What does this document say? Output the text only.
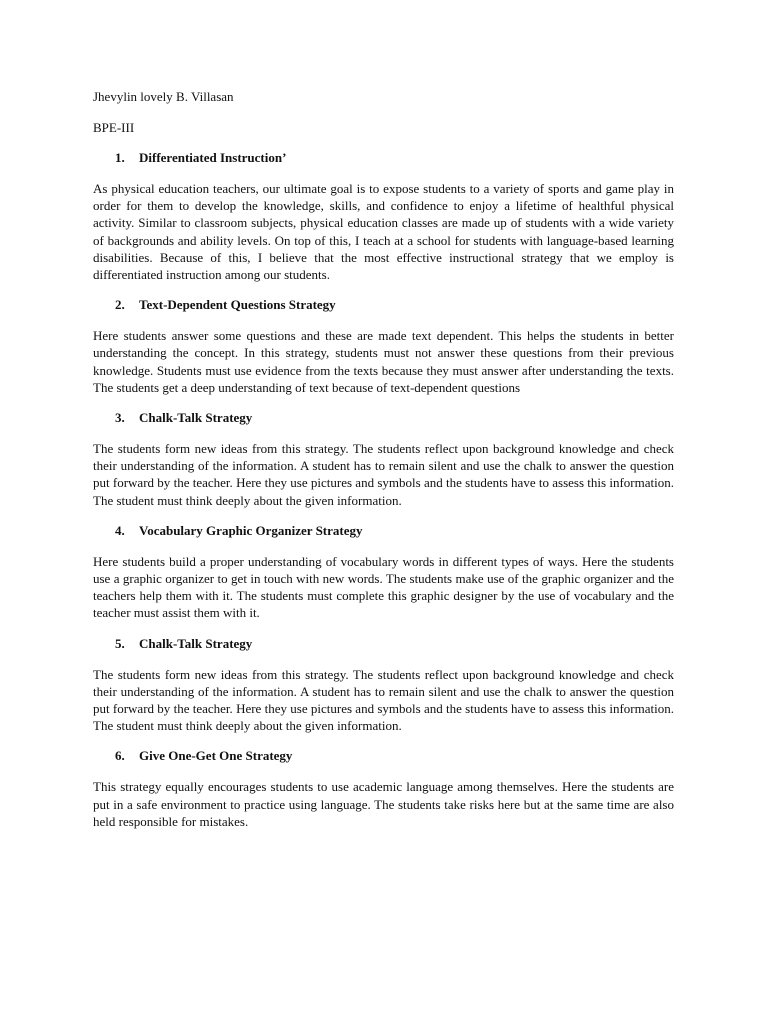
Jhevylin lovely B. Villasan

BPE-III

1.	Differentiated Instruction’

As physical education teachers, our ultimate goal is to expose students to a variety of sports and game play in order for them to develop the knowledge, skills, and confidence to enjoy a lifetime of healthful physical activity. Similar to classroom subjects, physical education classes are made up of students with a wide variety of backgrounds and ability levels. On top of this, I teach at a school for students with language-based learning disabilities. Because of this, I believe that the most effective instructional strategy that we employ is differentiated instruction among our students.

2.	Text-Dependent Questions Strategy

Here students answer some questions and these are made text dependent. This helps the students in better understanding the concept. In this strategy, students must not answer these questions from their previous knowledge. Students must use evidence from the texts because they must answer after understanding the texts. The students get a deep understanding of text because of text-dependent questions

3.	Chalk-Talk Strategy

The students form new ideas from this strategy. The students reflect upon background knowledge and check their understanding of the information. A student has to remain silent and use the chalk to answer the question put forward by the teacher. Here they use pictures and symbols and the students have to assess this information. The student must think deeply about the given information.

4.	Vocabulary Graphic Organizer Strategy

Here students build a proper understanding of vocabulary words in different types of ways. Here the students use a graphic organizer to get in touch with new words. The students make use of the graphic organizer and the teachers help them with it. The students must complete this graphic designer by the use of vocabulary and the teacher must assist them with it.

5.	Chalk-Talk Strategy

The students form new ideas from this strategy. The students reflect upon background knowledge and check their understanding of the information. A student has to remain silent and use the chalk to answer the question put forward by the teacher. Here they use pictures and symbols and the students have to assess this information. The student must think deeply about the given information.

6.	Give One-Get One Strategy

This strategy equally encourages students to use academic language among themselves. Here the students are put in a safe environment to practice using language. The students take risks here but at the same time are also held responsible for mistakes.
